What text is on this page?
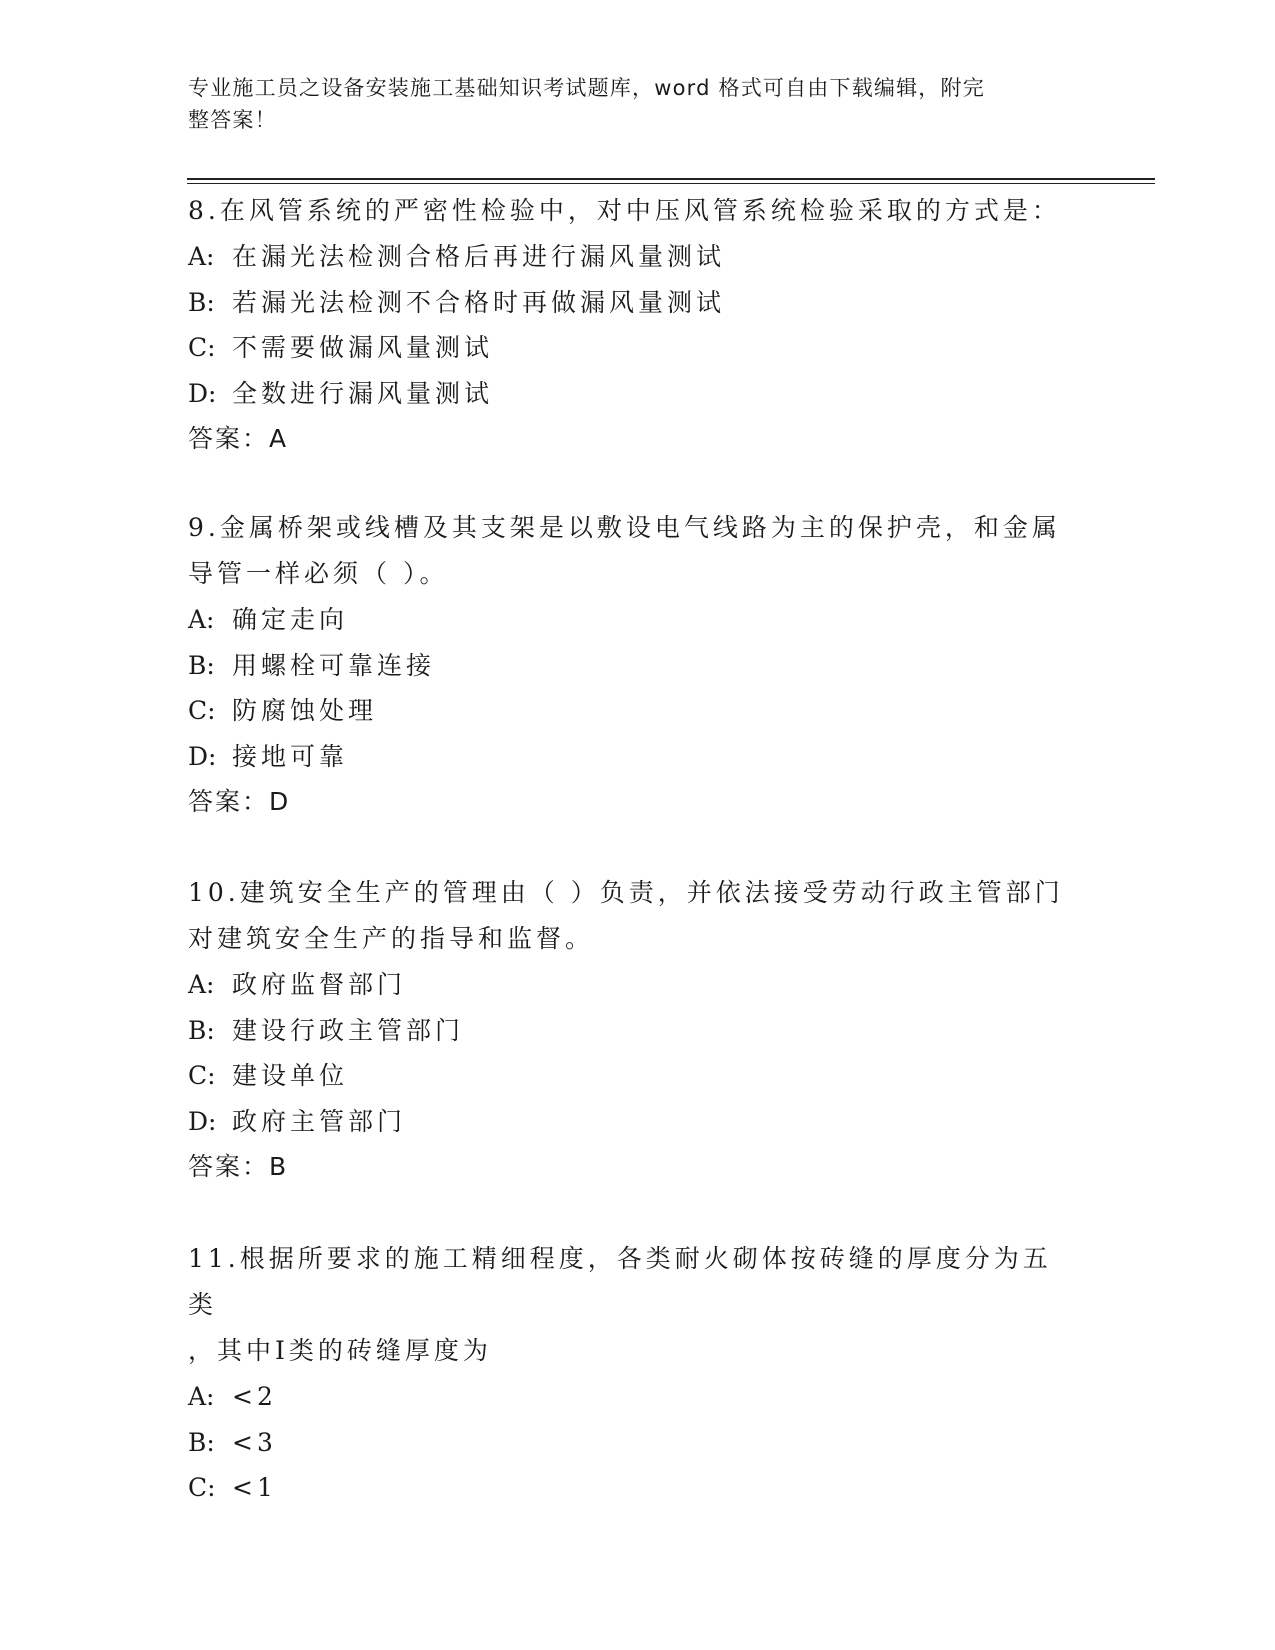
专业施工员之设备安装施工基础知识考试题库，word 格式可自由下载编辑，附完
整答案！
8.在风管系统的严密性检验中，对中压风管系统检验采取的方式是：
A: 在漏光法检测合格后再进行漏风量测试
B: 若漏光法检测不合格时再做漏风量测试
C: 不需要做漏风量测试
D: 全数进行漏风量测试
答案：A
9.金属桥架或线槽及其支架是以敷设电气线路为主的保护壳，和金属
导管一样必须（ ）。
A: 确定走向
B: 用螺栓可靠连接
C: 防腐蚀处理
D: 接地可靠
答案：D
10.建筑安全生产的管理由（ ）负责，并依法接受劳动行政主管部门
对建筑安全生产的指导和监督。
A: 政府监督部门
B: 建设行政主管部门
C: 建设单位
D: 政府主管部门
答案：B
11.根据所要求的施工精细程度，各类耐火砌体按砖缝的厚度分为五类
，其中Ⅰ类的砖缝厚度为
A: <2
B: <3
C: <1
